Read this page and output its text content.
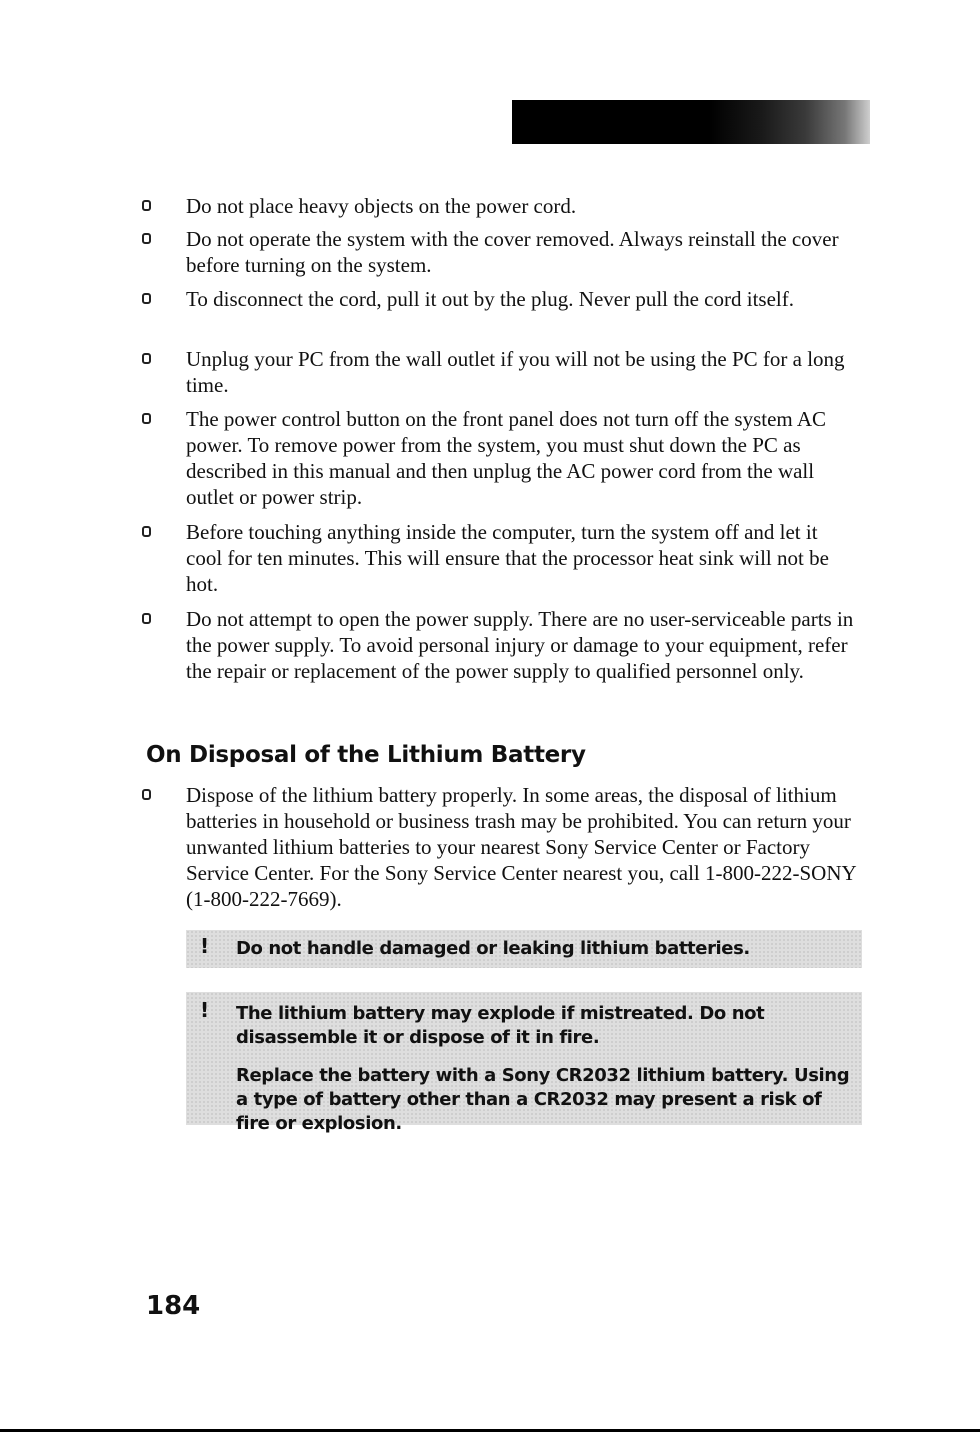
Do not place heavy objects on the power cord.

Do not operate the system with the cover removed. Always reinstall the cover before turning on the system.

To disconnect the cord, pull it out by the plug. Never pull the cord itself.

Unplug your PC from the wall outlet if you will not be using the PC for a long time.

The power control button on the front panel does not turn off the system AC power. To remove power from the system, you must shut down the PC as described in this manual and then unplug the AC power cord from the wall outlet or power strip.

Before touching anything inside the computer, turn the system off and let it cool for ten minutes. This will ensure that the processor heat sink will not be hot.

Do not attempt to open the power supply. There are no user-serviceable parts in the power supply. To avoid personal injury or damage to your equipment, refer the repair or replacement of the power supply to qualified personnel only.

On Disposal of the Lithium Battery

Dispose of the lithium battery properly. In some areas, the disposal of lithium batteries in household or business trash may be prohibited. You can return your unwanted lithium batteries to your nearest Sony Service Center or Factory Service Center. For the Sony Service Center nearest you, call 1-800-222-SONY (1-800-222-7669).

! Do not handle damaged or leaking lithium batteries.

! The lithium battery may explode if mistreated. Do not disassemble it or dispose of it in fire.

Replace the battery with a Sony CR2032 lithium battery. Using a type of battery other than a CR2032 may present a risk of fire or explosion.

184
